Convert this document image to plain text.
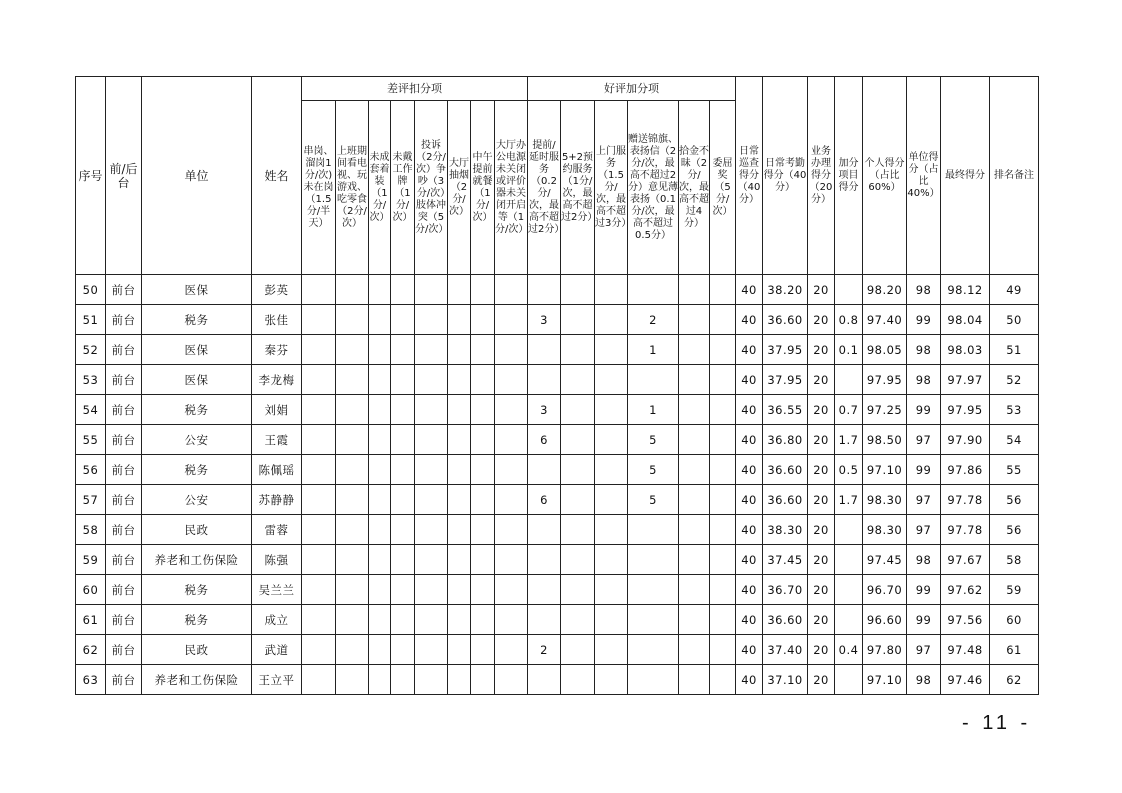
序号	前/后台	单位	姓名	差评扣分项								好评加分项						日常巡查得分（40分）	日常考勤得分（40分）	业务办理得分（20分）	加分项目得分	个人得分（占比60%）	单位得分（占比40%）	最终得分	排名备注
				串岗、溜岗1分/次)未在岗（1.5分/半天）	上班期间看电视、玩游戏、吃零食（2分/次）	未成套着装（1分/次）	未戴工作牌（1分/次）	投诉（2分/次）争吵（3分/次）肢体冲突（5分/次）	大厅抽烟（2分/次）	中午提前就餐（1分/次）	大厅办公电源未关闭或评价器未关闭开启等（1分/次）	提前/延时服务（0.2分/次，最高不超过2分）	5+2预约服务（1分/次，最高不超过2分）	上门服务（1.5分/次，最高不超过3分）	赠送锦旗、表扬信（2分/次，最高不超过2分）意见薄表扬（0.1分/次，最高不超过0.5分）	拾金不昧（2分/次，最高不超过4分）	委屈奖（5分/次）								
50	前台	医保	彭英															40	38.20	20		98.20	98	98.12	49
51	前台	税务	张佳									3			2			40	36.60	20	0.8	97.40	99	98.04	50
52	前台	医保	秦芬												1			40	37.95	20	0.1	98.05	98	98.03	51
53	前台	医保	李龙梅															40	37.95	20		97.95	98	97.97	52
54	前台	税务	刘娟									3			1			40	36.55	20	0.7	97.25	99	97.95	53
55	前台	公安	王霞									6			5			40	36.80	20	1.7	98.50	97	97.90	54
56	前台	税务	陈佩瑶												5			40	36.60	20	0.5	97.10	99	97.86	55
57	前台	公安	苏静静									6			5			40	36.60	20	1.7	98.30	97	97.78	56
58	前台	民政	雷蓉															40	38.30	20		98.30	97	97.78	56
59	前台	养老和工伤保险	陈强															40	37.45	20		97.45	98	97.67	58
60	前台	税务	吴兰兰															40	36.70	20		96.70	99	97.62	59
61	前台	税务	成立															40	36.60	20		96.60	99	97.56	60
62	前台	民政	武道									2						40	37.40	20	0.4	97.80	97	97.48	61
63	前台	养老和工伤保险	王立平															40	37.10	20		97.10	98	97.46	62
- 11 -
